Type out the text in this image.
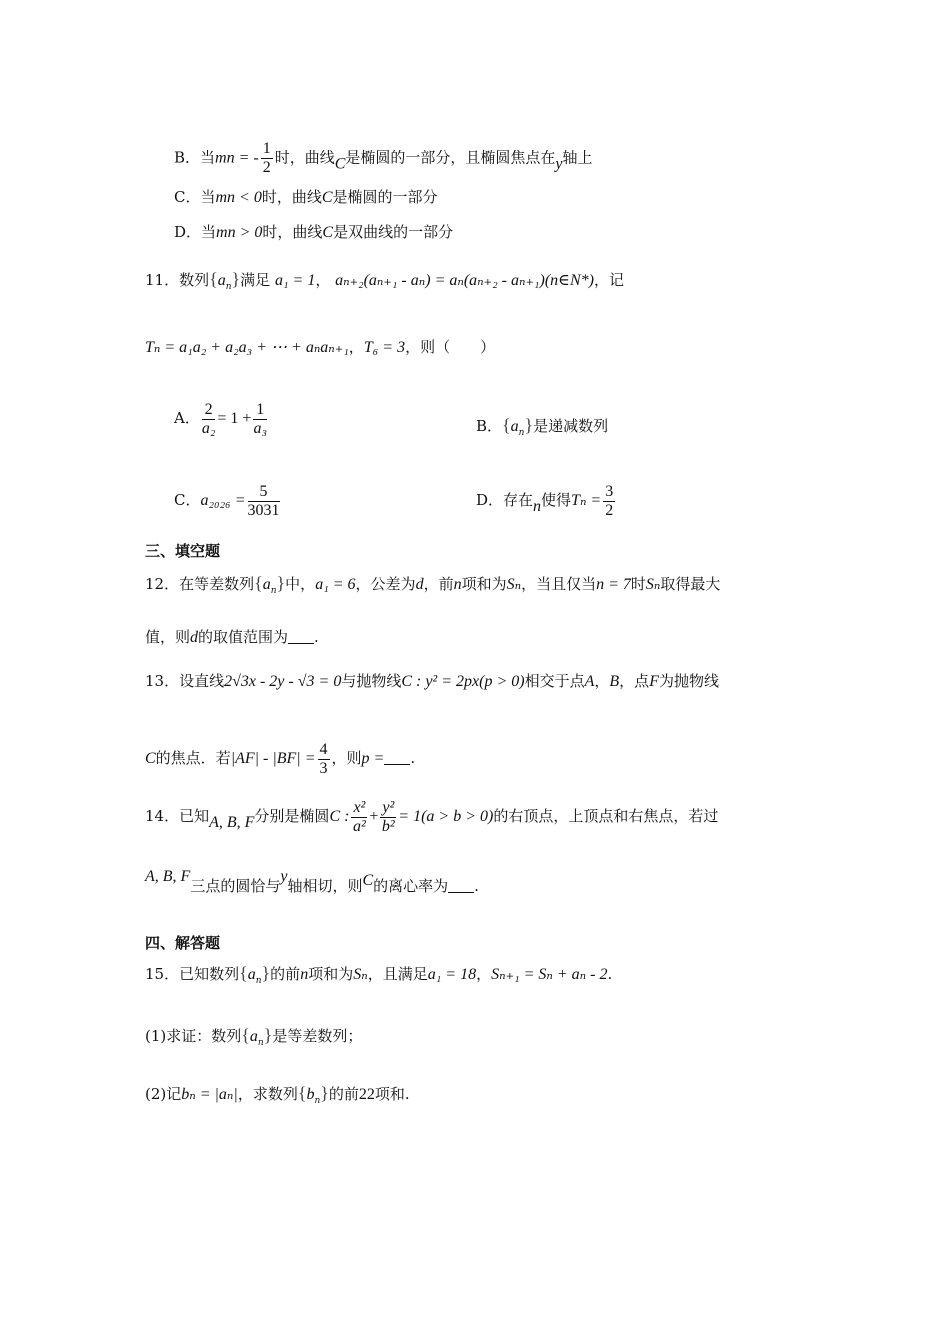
B．当mn = - $\frac{1}{2}$ 时，曲线C是椭圆的一部分，且椭圆焦点在y轴上
C．当mn < 0时，曲线C是椭圆的一部分
D．当mn > 0时，曲线C是双曲线的一部分
11．数列$\{a_n\}$满足 a₁ = 1， aₙ₊₂(aₙ₊₁ - aₙ) = aₙ(aₙ₊₂ - aₙ₊₁)(n∈N*)，记
Tₙ = a₁a₂ + a₂a₃ + ⋯ + aₙaₙ₊₁，T₆ = 3，则（　　）
A． $\frac{2}{\text{a₂}} = 1 + \frac{1}{\text{a₃}}$	B．$\{a_n\}$是递减数列
C．$a_{2026} = \frac{5}{3031}$	D．存在n使得$T_n = \frac{3}{2}$
三、填空题
12．在等差数列$\{a_n\}$中，a₁ = 6，公差为d，前n项和为Sₙ，当且仅当n = 7时Sₙ取得最大
值，则d的取值范围为 .
13．设直线2√3x - 2y - √3 = 0与抛物线C : y² = 2px(p > 0)相交于点A，B，点F为抛物线
C的焦点．若$|AF| - |BF| = \frac{4}{3}$ ，则p = .
14．已知A, B, F分别是椭圆C : $\frac{\text{x²}}{\text{a²}} + \frac{\text{y²}}{\text{b²}} = 1(a > b > 0)$的右顶点，上顶点和右焦点，若过
A, B, F三点的圆恰与y轴相切，则C的离心率为 .
四、解答题
15．已知数列$\{a_n\}$的前n项和为Sₙ，且满足a₁ = 18，Sₙ₊₁ = Sₙ + aₙ - 2.
(1)求证：数列$\{a_n\}$是等差数列；
(2)记bₙ = |aₙ|，求数列$\{b_n\}$的前22项和.
